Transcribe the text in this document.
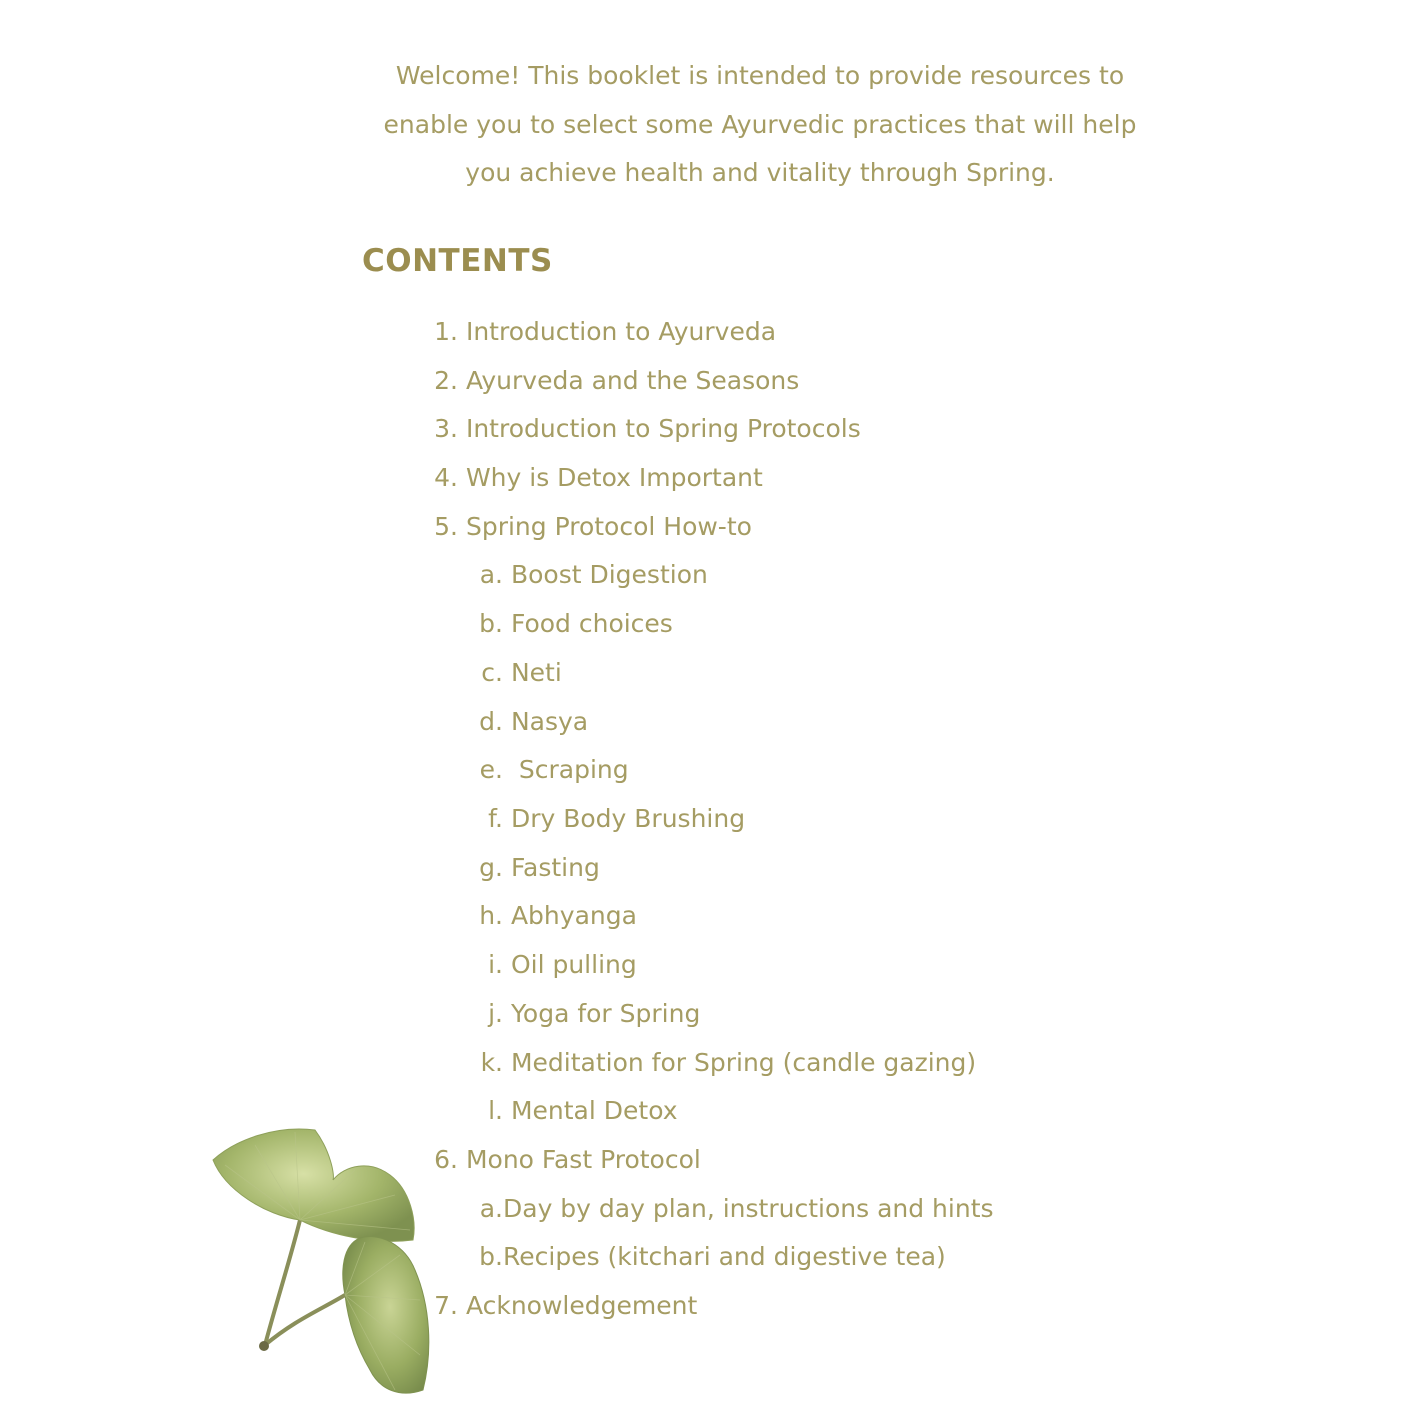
Welcome! This booklet is intended to provide resources to
enable you to select some Ayurvedic practices that will help
you achieve health and vitality through Spring.
CONTENTS
1. Introduction to Ayurveda
2. Ayurveda and the Seasons
3. Introduction to Spring Protocols
4. Why is Detox Important
5. Spring Protocol How-to
a. Boost Digestion
b. Food choices
c. Neti
d. Nasya
e.  Scraping
f. Dry Body Brushing
g. Fasting
h. Abhyanga
i. Oil pulling
j. Yoga for Spring
k. Meditation for Spring (candle gazing)
l. Mental Detox
6. Mono Fast Protocol
a.Day by day plan, instructions and hints
b.Recipes (kitchari and digestive tea)
7. Acknowledgement
